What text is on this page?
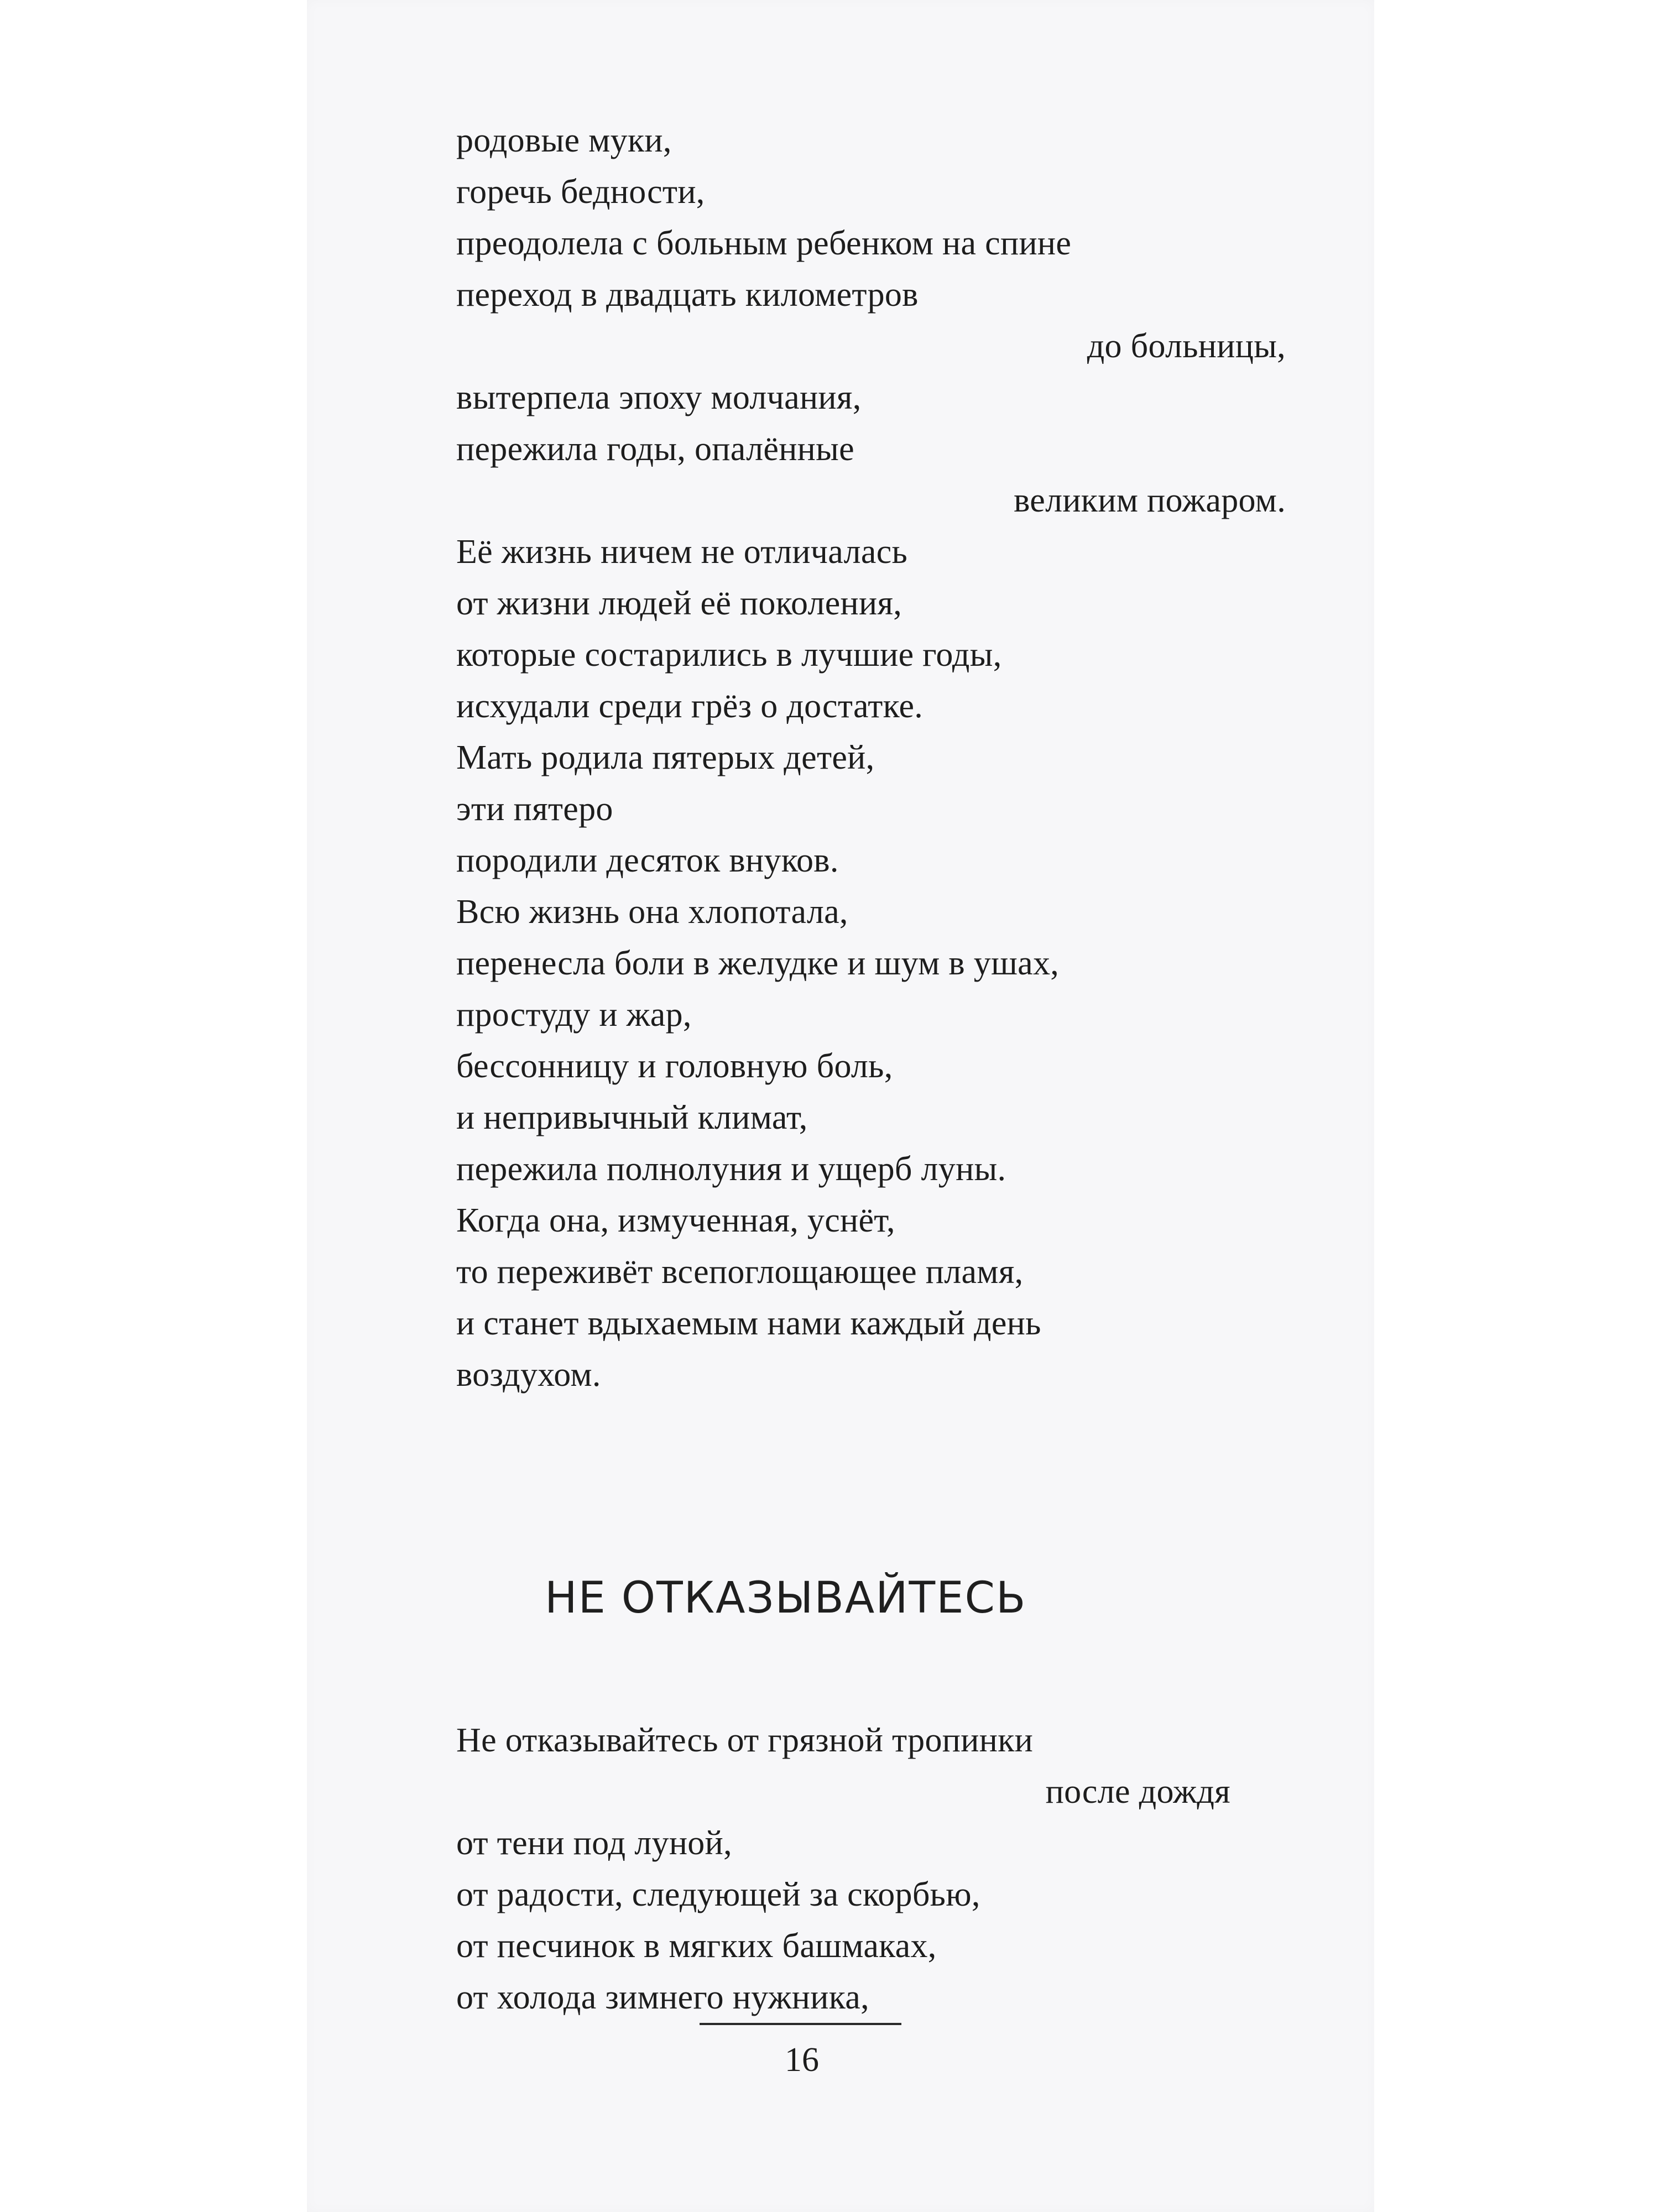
родовые муки,
горечь бедности,
преодолела с больным ребенком на спине
переход в двадцать километров
до больницы,
вытерпела эпоху молчания,
пережила годы, опалённые
великим пожаром.
Её жизнь ничем не отличалась
от жизни людей её поколения,
которые состарились в лучшие годы,
исхудали среди грёз о достатке.
Мать родила пятерых детей,
эти пятеро
породили десяток внуков.
Всю жизнь она хлопотала,
перенесла боли в желудке и шум в ушах,
простуду и жар,
бессонницу и головную боль,
и непривычный климат,
пережила полнолуния и ущерб луны.
Когда она, измученная, уснёт,
то переживёт всепоглощающее пламя,
и станет вдыхаемым нами каждый день
воздухом.
НЕ ОТКАЗЫВАЙТЕСЬ
Не отказывайтесь от грязной тропинки
после дождя
от тени под луной,
от радости, следующей за скорбью,
от песчинок в мягких башмаках,
от холода зимнего нужника,
16
